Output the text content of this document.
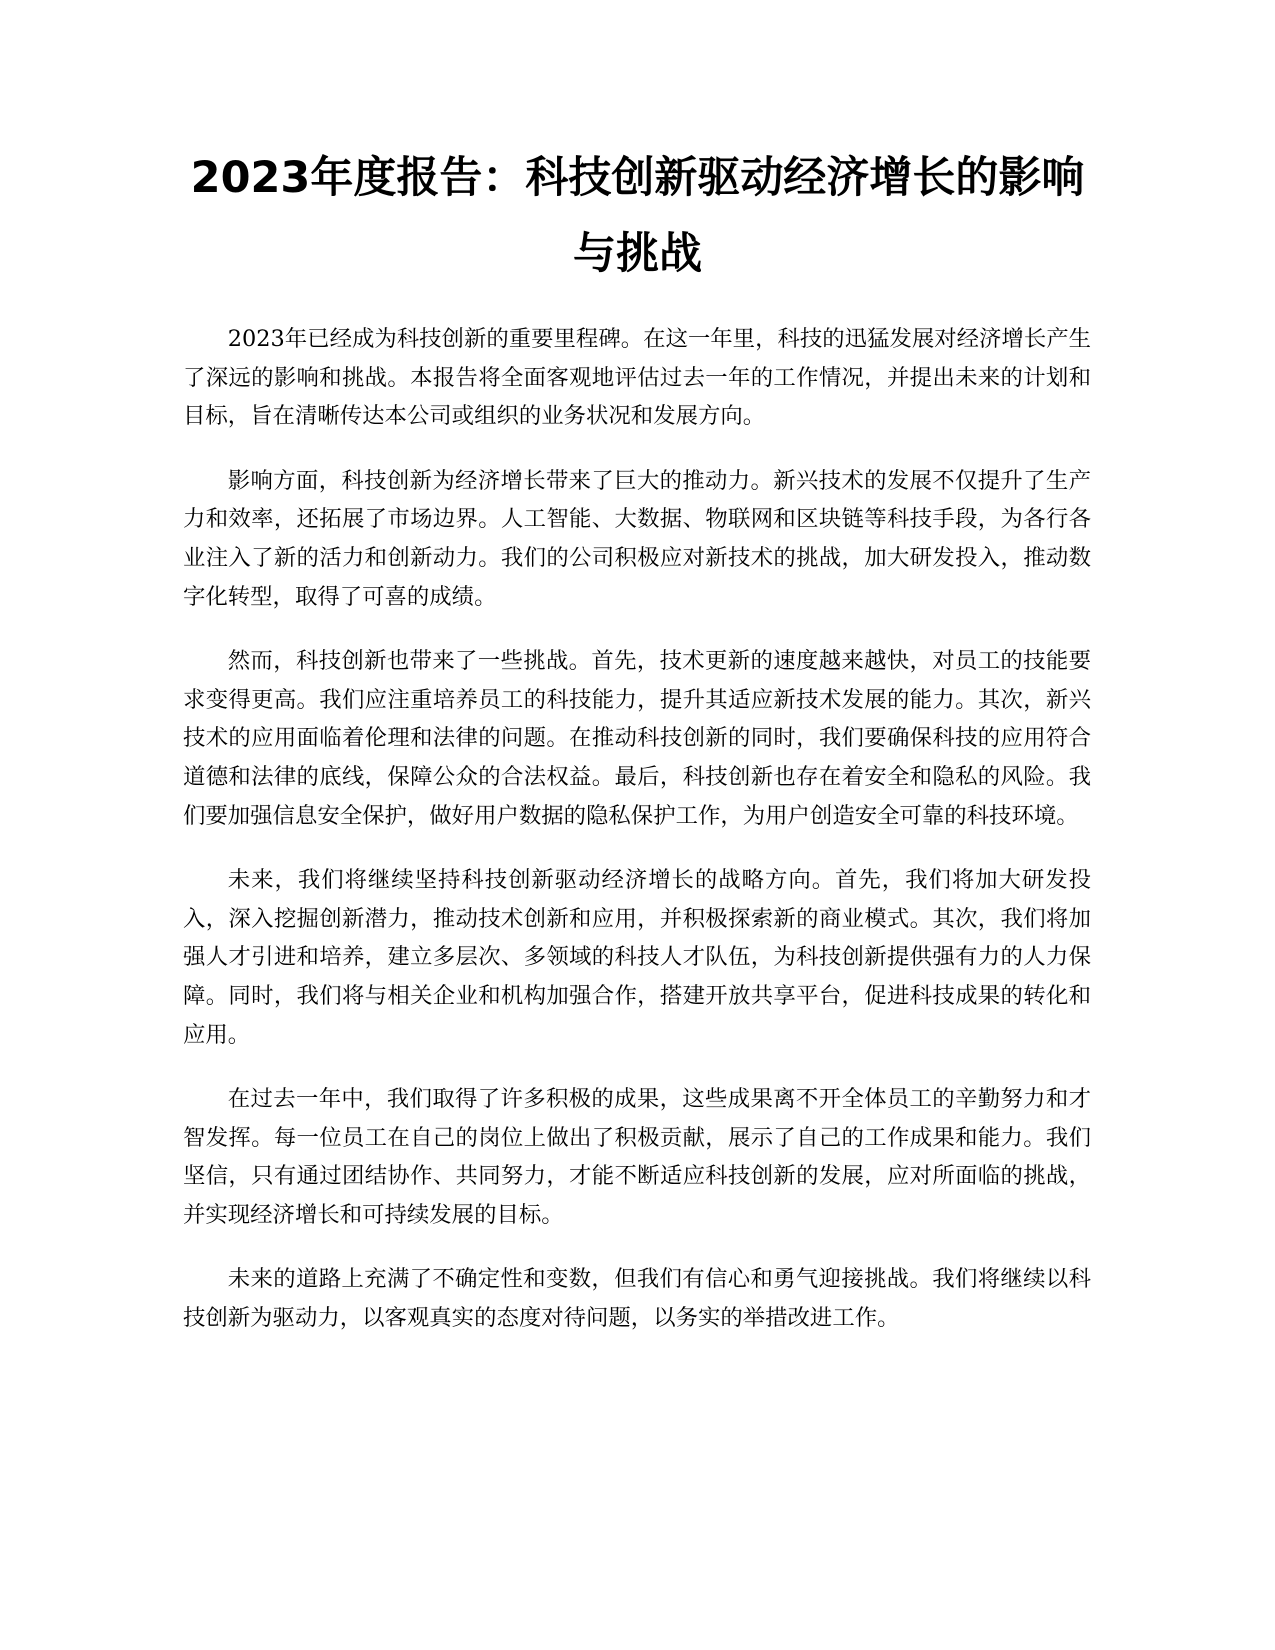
2023年度报告：科技创新驱动经济增长的影响与挑战

2023年已经成为科技创新的重要里程碑。在这一年里，科技的迅猛发展对经济增长产生了深远的影响和挑战。本报告将全面客观地评估过去一年的工作情况，并提出未来的计划和目标，旨在清晰传达本公司或组织的业务状况和发展方向。

影响方面，科技创新为经济增长带来了巨大的推动力。新兴技术的发展不仅提升了生产力和效率，还拓展了市场边界。人工智能、大数据、物联网和区块链等科技手段，为各行各业注入了新的活力和创新动力。我们的公司积极应对新技术的挑战，加大研发投入，推动数字化转型，取得了可喜的成绩。

然而，科技创新也带来了一些挑战。首先，技术更新的速度越来越快，对员工的技能要求变得更高。我们应注重培养员工的科技能力，提升其适应新技术发展的能力。其次，新兴技术的应用面临着伦理和法律的问题。在推动科技创新的同时，我们要确保科技的应用符合道德和法律的底线，保障公众的合法权益。最后，科技创新也存在着安全和隐私的风险。我们要加强信息安全保护，做好用户数据的隐私保护工作，为用户创造安全可靠的科技环境。

未来，我们将继续坚持科技创新驱动经济增长的战略方向。首先，我们将加大研发投入，深入挖掘创新潜力，推动技术创新和应用，并积极探索新的商业模式。其次，我们将加强人才引进和培养，建立多层次、多领域的科技人才队伍，为科技创新提供强有力的人力保障。同时，我们将与相关企业和机构加强合作，搭建开放共享平台，促进科技成果的转化和应用。

在过去一年中，我们取得了许多积极的成果，这些成果离不开全体员工的辛勤努力和才智发挥。每一位员工在自己的岗位上做出了积极贡献，展示了自己的工作成果和能力。我们坚信，只有通过团结协作、共同努力，才能不断适应科技创新的发展，应对所面临的挑战，并实现经济增长和可持续发展的目标。

未来的道路上充满了不确定性和变数，但我们有信心和勇气迎接挑战。我们将继续以科技创新为驱动力，以客观真实的态度对待问题，以务实的举措改进工作。
